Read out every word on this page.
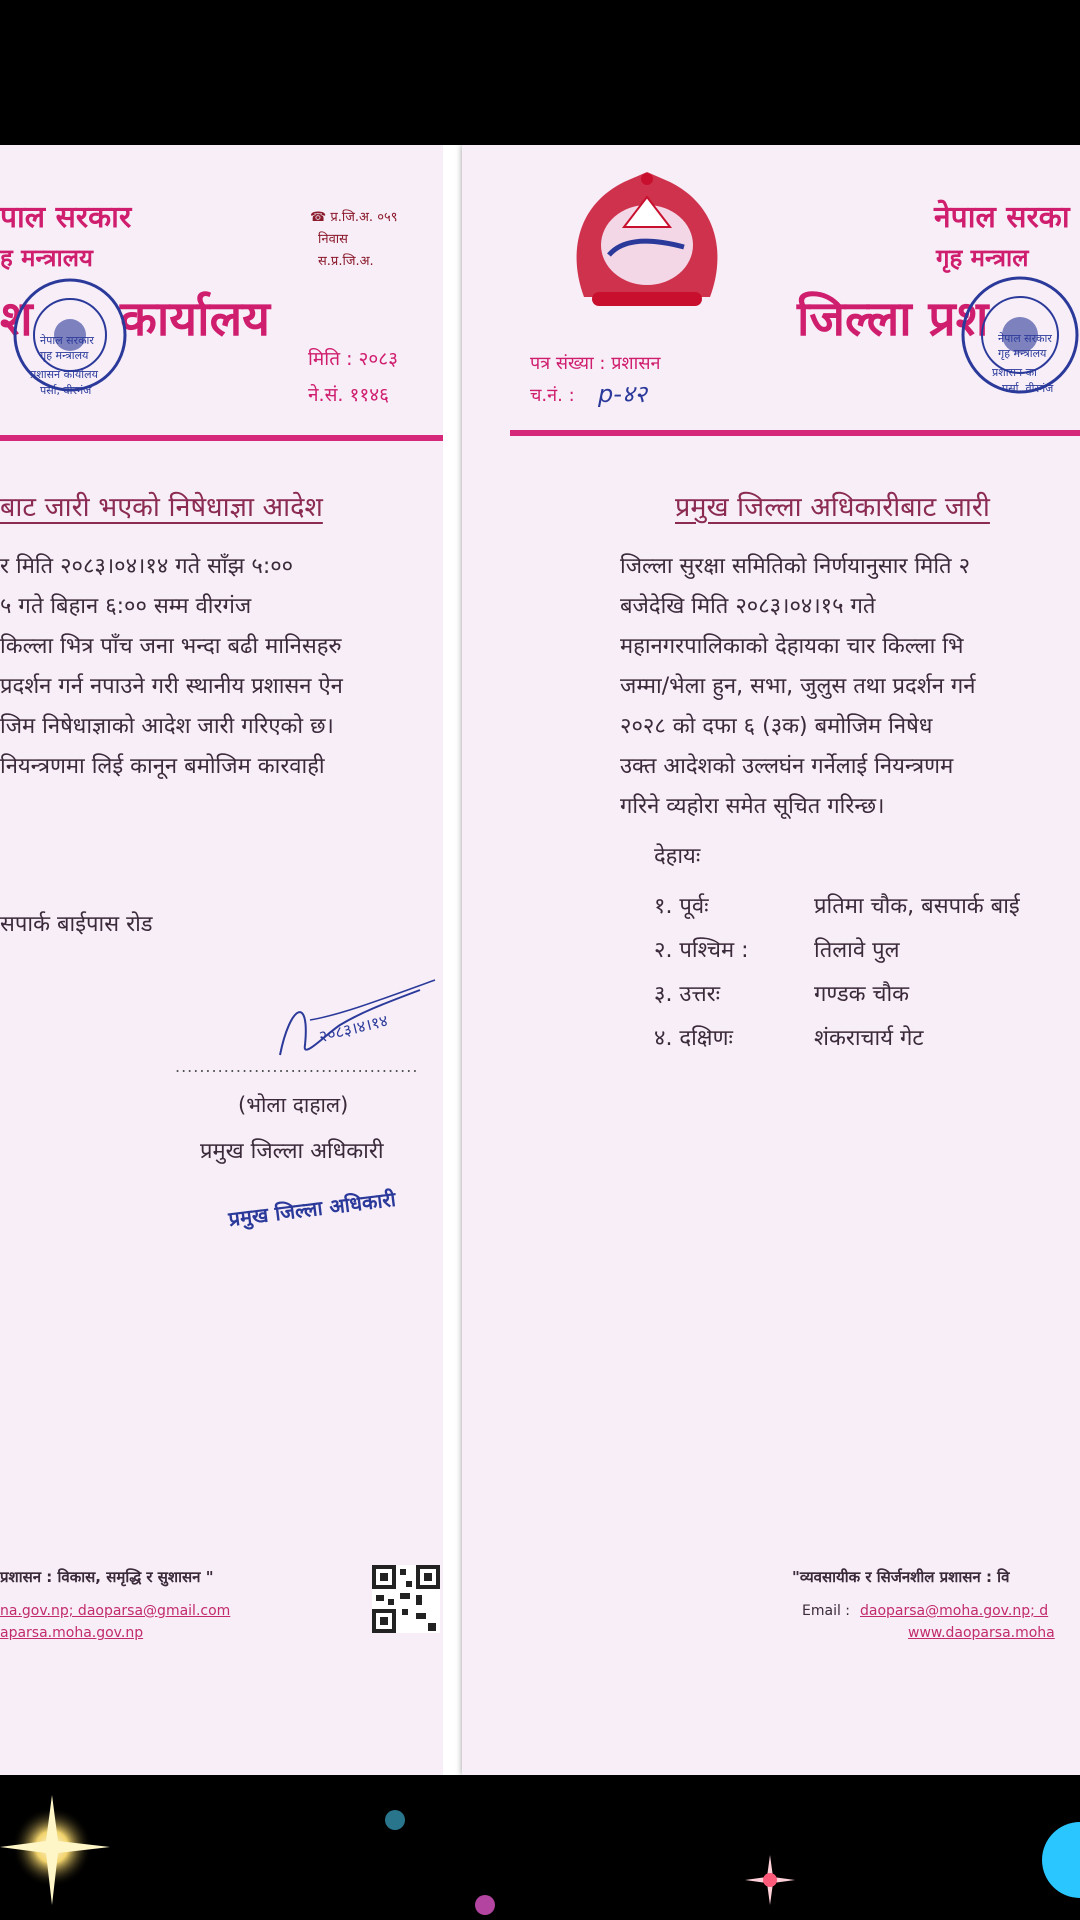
पाल सरकार
ह मन्त्रालय
श कार्यालय
नेपाल सरकार
गृह मन्त्रालय
प्रशासन कार्यालय
पर्सा, वीरगंज
☎ प्र.जि.अ. ०५९
निवास
स.प्र.जि.अ.
मिति : २०८३
ने.सं. ११४६
बाट जारी भएको निषेधाज्ञा आदेश
र मिति २०८३।०४।१४ गते साँझ ५:००
५ गते बिहान ६:०० सम्म वीरगंज
किल्ला भित्र पाँच जना भन्दा बढी मानिसहरु
प्रदर्शन गर्न नपाउने गरी स्थानीय प्रशासन ऐन
जिम निषेधाज्ञाको आदेश जारी गरिएको छ।
नियन्त्रणमा लिई कानून बमोजिम कारवाही
सपार्क बाईपास रोड
२०८३।४।१४
........................................
(भोला दाहाल)
प्रमुख जिल्ला अधिकारी
प्रमुख जिल्ला अधिकारी
प्रशासन : विकास, समृद्धि र सुशासन "
na.gov.np; daoparsa@gmail.com
aparsa.moha.gov.np
नेपाल सरका
गृह मन्त्राल
जिल्ला प्रश नेपाल सरकार
गृह मन्त्रालय
प्रशासन का
पर्सा, वीरगंज
पत्र संख्या : प्रशासन
च.नं. : p-४२
प्रमुख जिल्ला अधिकारीबाट जारी
जिल्ला सुरक्षा समितिको निर्णयानुसार मिति २
बजेदेखि मिति २०८३।०४।१५ गते
महानगरपालिकाको देहायका चार किल्ला भि
जम्मा/भेला हुन, सभा, जुलुस तथा प्रदर्शन गर्न
२०२८ को दफा ६ (३क) बमोजिम निषेध
उक्त आदेशको उल्लघंन गर्नेलाई नियन्त्रणम
गरिने व्यहोरा समेत सूचित गरिन्छ।
देहायः
१. पूर्वः	प्रतिमा चौक, बसपार्क बाई
२. पश्चिम :	तिलावे पुल
३. उत्तरः	गण्डक चौक
४. दक्षिणः	शंकराचार्य गेट
"व्यवसायीक र सिर्जनशील प्रशासन : वि
Email : daoparsa@moha.gov.np; d
www.daoparsa.moha
